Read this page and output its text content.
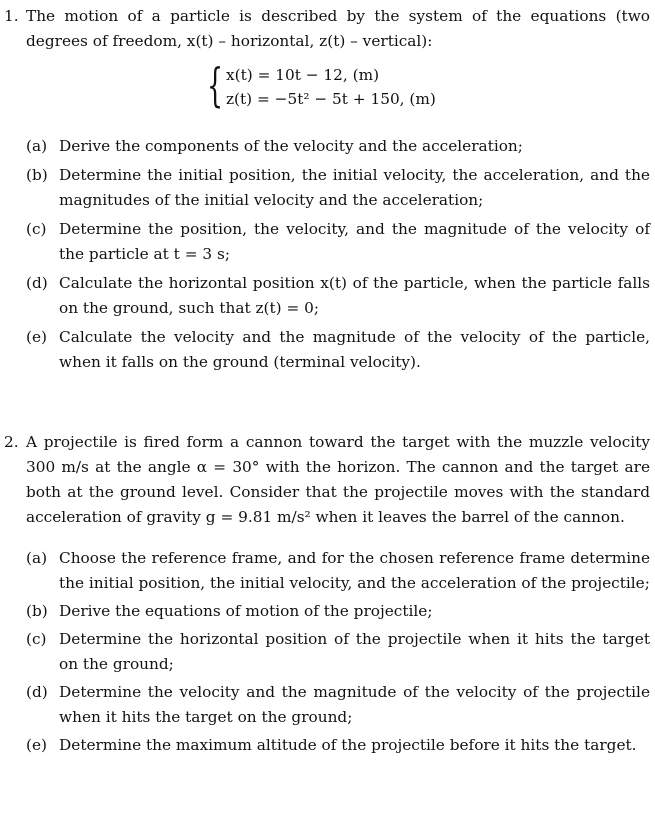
1. The motion of a particle is described by the system of the equations (two degrees of freedom, x(t) – horizontal, z(t) – vertical):

{ x(t) = 10t − 12, (m)
z(t) = −5t² − 5t + 150, (m)
(a) Derive the components of the velocity and the acceleration;
(b) Determine the initial position, the initial velocity, the acceleration, and the magnitudes of the initial velocity and the acceleration;
(c) Determine the position, the velocity, and the magnitude of the velocity of the particle at t = 3 s;
(d) Calculate the horizontal position x(t) of the particle, when the particle falls on the ground, such that z(t) = 0;
(e) Calculate the velocity and the magnitude of the velocity of the particle, when it falls on the ground (terminal velocity).

2. A projectile is fired form a cannon toward the target with the muzzle velocity 300 m/s at the angle α = 30° with the horizon. The cannon and the target are both at the ground level. Consider that the projectile moves with the standard acceleration of gravity g = 9.81 m/s² when it leaves the barrel of the cannon.

(a) Choose the reference frame, and for the chosen reference frame determine the initial position, the initial velocity, and the acceleration of the projectile;
(b) Derive the equations of motion of the projectile;
(c) Determine the horizontal position of the projectile when it hits the target on the ground;
(d) Determine the velocity and the magnitude of the velocity of the projectile when it hits the target on the ground;
(e) Determine the maximum altitude of the projectile before it hits the target.
